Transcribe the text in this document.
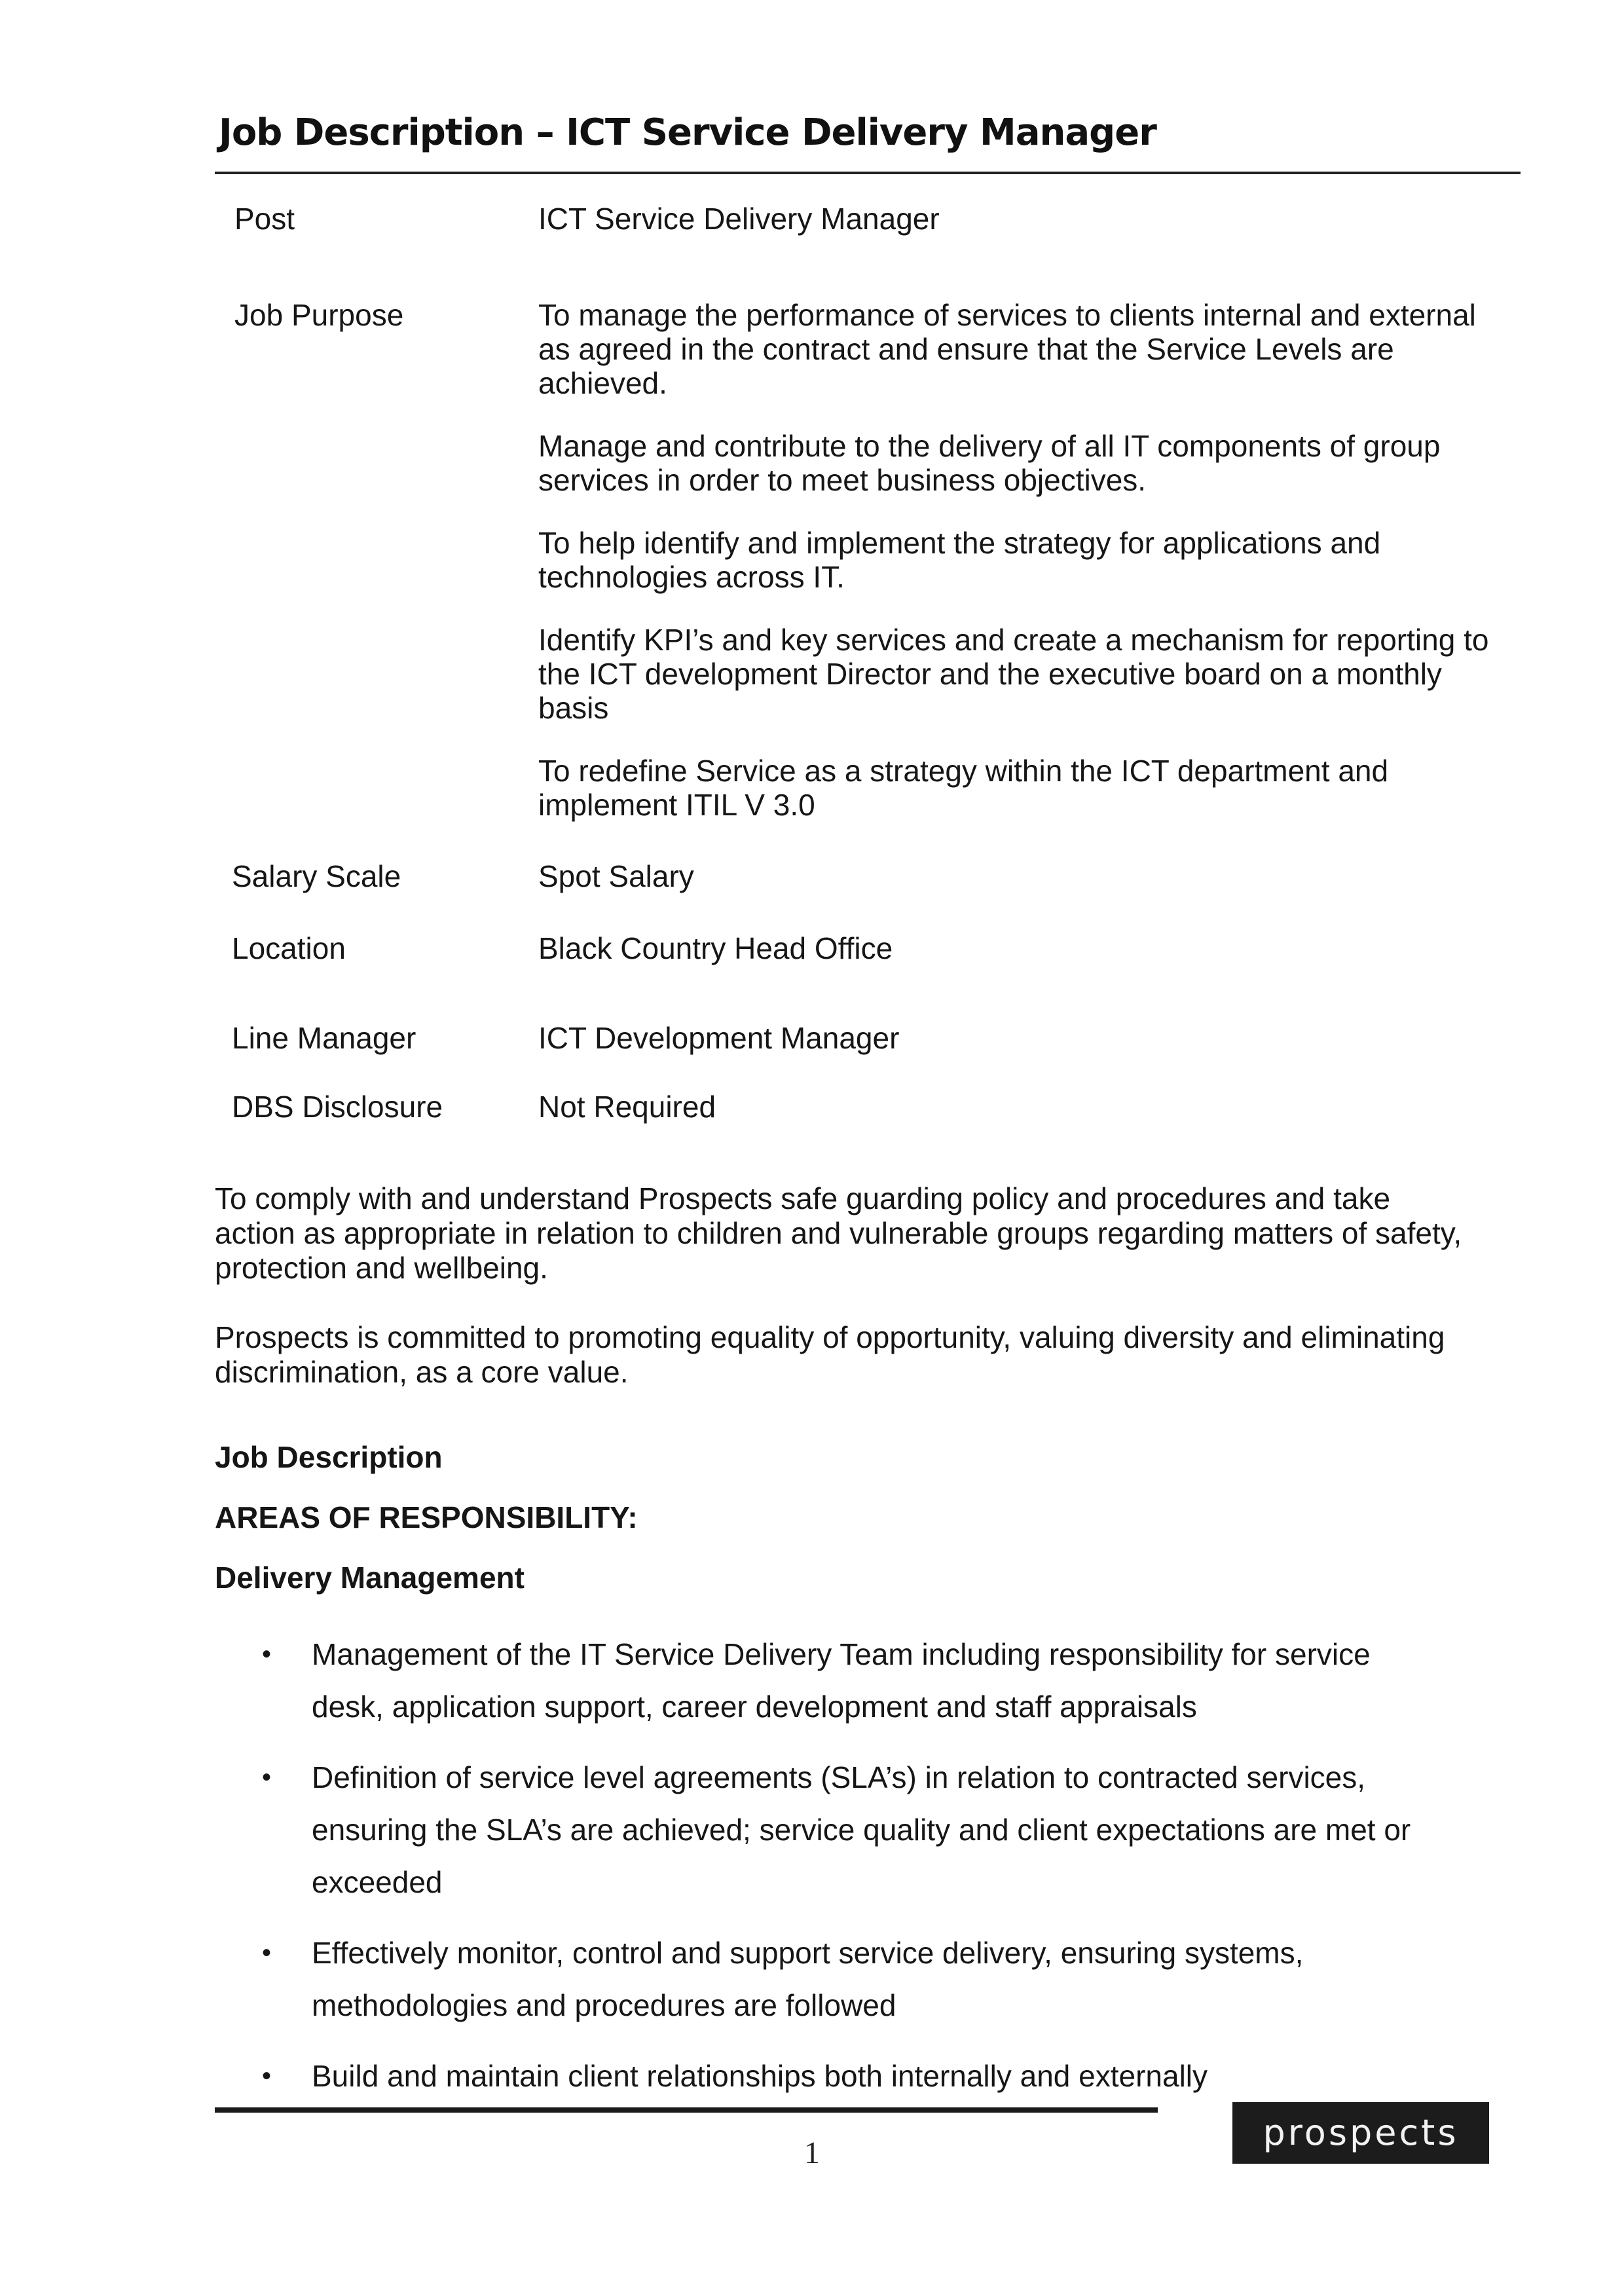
Job Description – ICT Service Delivery Manager
Post	ICT Service Delivery Manager
Job Purpose	To manage the performance of services to clients internal and external as agreed in the contract and ensure that the Service Levels are achieved.

Manage and contribute to the delivery of all IT components of group services in order to meet business objectives.

To help identify and implement the strategy for applications and technologies across IT.

Identify KPI’s and key services and create a mechanism for reporting to the ICT development Director and the executive board on a monthly basis

To redefine Service as a strategy within the ICT department and implement ITIL V 3.0

Salary Scale	Spot Salary
Location	Black Country Head Office
Line Manager	ICT Development Manager
DBS Disclosure	Not Required

To comply with and understand Prospects safe guarding policy and procedures and take action as appropriate in relation to children and vulnerable groups regarding matters of safety, protection and wellbeing.

Prospects is committed to promoting equality of opportunity, valuing diversity and eliminating discrimination, as a core value.

Job Description
AREAS OF RESPONSIBILITY:
Delivery Management
• Management of the IT Service Delivery Team including responsibility for service desk, application support, career development and staff appraisals
• Definition of service level agreements (SLA’s) in relation to contracted services, ensuring the SLA’s are achieved; service quality and client expectations are met or exceeded
• Effectively monitor, control and support service delivery, ensuring systems, methodologies and procedures are followed
• Build and maintain client relationships both internally and externally
1	prospects
